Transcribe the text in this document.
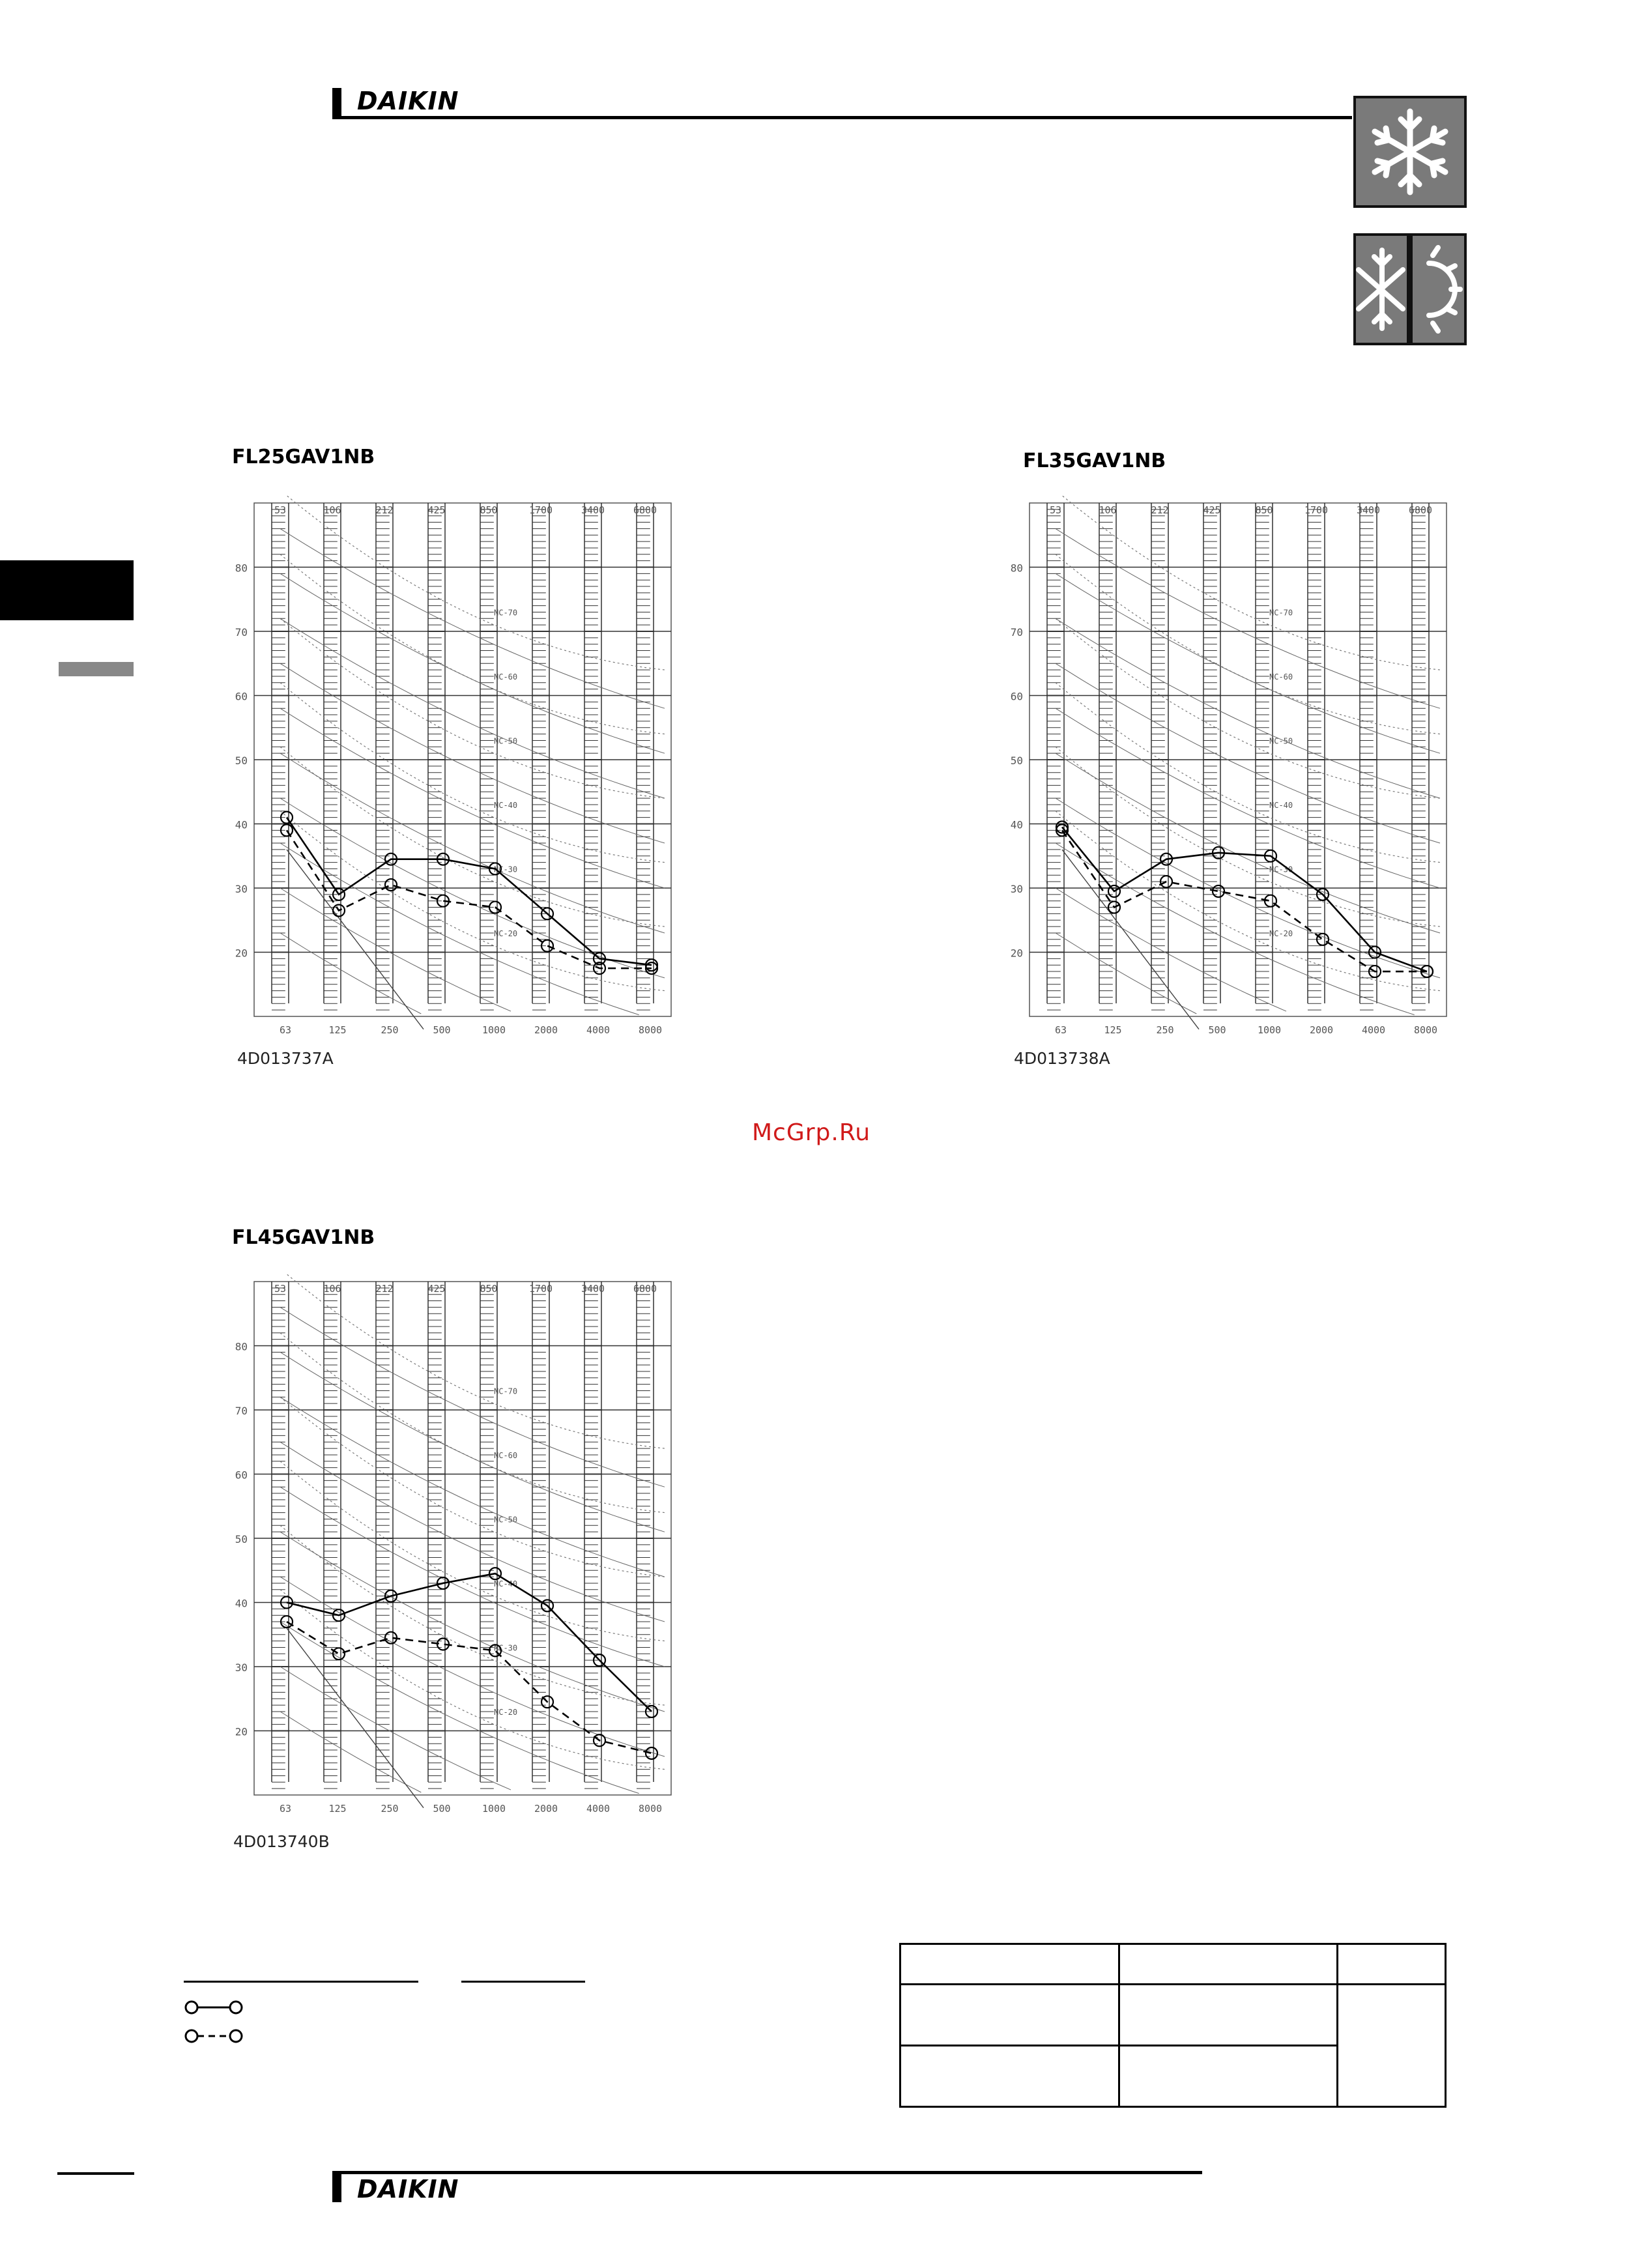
DAIKIN
FL25GAV1NB	FL35GAV1NB
FL45GAV1NB
4D013737A	4D013738A
4D013740B
80
70
60
50
40
30
20
53
63
106
125
212
250
425
500
850
1000
1700
2000
3400
4000
6800
8000
NC-70
NC-60
NC-50
NC-40
NC-30
NC-20
80
70
60
50
40
30
20
53
63
106
125
212
250
425
500
850
1000
1700
2000
3400
4000
6800
8000
NC-70
NC-60
NC-50
NC-40
NC-30
NC-20
80
70
60
50
40
30
20
53
63
106
125
212
250
425
500
850
1000
1700
2000
3400
4000
6800
8000
NC-70
NC-60
NC-50
NC-40
NC-30
NC-20
McGrp.Ru

DAIKIN
